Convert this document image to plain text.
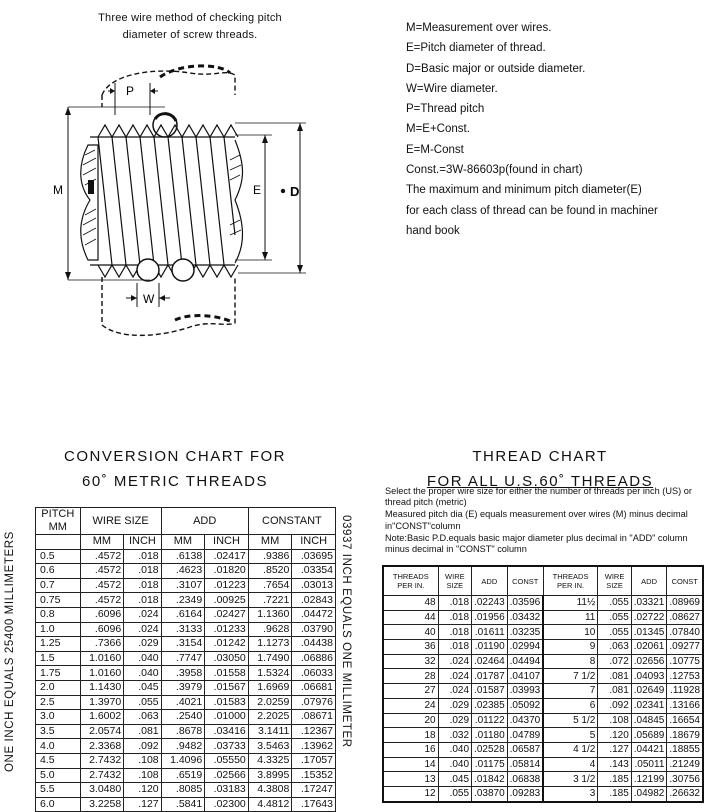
Three wire method of checking pitch
diameter of screw threads.
P
M	E D
W
M=Measurement over wires.
E=Pitch diameter of thread.
D=Basic major or outside diameter.
W=Wire diameter.
P=Thread pitch
M=E+Const.
E=M-Const
Const.=3W-86603p(found in chart)
The maximum and minimum pitch diameter(E)
for each class of thread can be found in machiner
hand book
CONVERSION CHART FOR
60˚ METRIC THREADS
ONE INCH EQUALS 25400 MILLIMETERS	03937 INCH EQUALS ONE MILLIMETER
PITCH
MM	WIRE SIZE		ADD		CONSTANT	
	MM	INCH	MM	INCH	MM	INCH
0.5	.4572	.018	.6138	.02417	.9386	.03695
0.6	.4572	.018	.4623	.01820	.8520	.03354
0.7	.4572	.018	.3107	.01223	.7654	.03013
0.75	.4572	.018	.2349	.00925	.7221	.02843
0.8	.6096	.024	.6164	.02427	1.1360	.04472
1.0	.6096	.024	.3133	.01233	.9628	.03790
1.25	.7366	.029	.3154	.01242	1.1273	.04438
1.5	1.0160	.040	.7747	.03050	1.7490	.06886
1.75	1.0160	.040	.3958	.01558	1.5324	.06033
2.0	1.1430	.045	.3979	.01567	1.6969	.06681
2.5	1.3970	.055	.4021	.01583	2.0259	.07976
3.0	1.6002	.063	.2540	.01000	2.2025	.08671
3.5	2.0574	.081	.8678	.03416	3.1411	.12367
4.0	2.3368	.092	.9482	.03733	3.5463	.13962
4.5	2.7432	.108	1.4096	.05550	4.3325	.17057
5.0	2.7432	.108	.6519	.02566	3.8995	.15352
5.5	3.0480	.120	.8085	.03183	4.3808	.17247
6.0	3.2258	.127	.5841	.02300	4.4812	.17643
THREAD CHART
FOR ALL U.S.60˚ THREADS

Select the proper wire size for either the number of threads per inch (US) or thread pitch (metric)

Measured pitch dia (E) equals measurement over wires (M) minus decimal in"CONST"column

Note:Basic P.D.equals basic major diameter plus decimal in "ADD" column minus decimal in "CONST" column

THREADS PER IN.	WIRE SIZE	ADD	CONST	THREADS PER IN.	WIRE SIZE	ADD	CONST
48	.018	.02243	.03596	11½	.055	.03321	.08969
44	.018	.01956	.03432	11	.055	.02722	.08627
40	.018	.01611	.03235	10	.055	.01345	.07840
36	.018	.01190	.02994	9	.063	.02061	.09277
32	.024	.02464	.04494	8	.072	.02656	.10775
28	.024	.01787	.04107	7 1/2	.081	.04093	.12753
27	.024	.01587	.03993	7	.081	.02649	.11928
24	.029	.02385	.05092	6	.092	.02341	.13166
20	.029	.01122	.04370	5 1/2	.108	.04845	.16654
18	.032	.01180	.04789	5	.120	.05689	.18679
16	.040	.02528	.06587	4 1/2	.127	.04421	.18855
14	.040	.01175	.05814	4	.143	.05011	.21249
13	.045	.01842	.06838	3 1/2	.185	.12199	.30756
12	.055	.03870	.09283	3	.185	.04982	.26632
